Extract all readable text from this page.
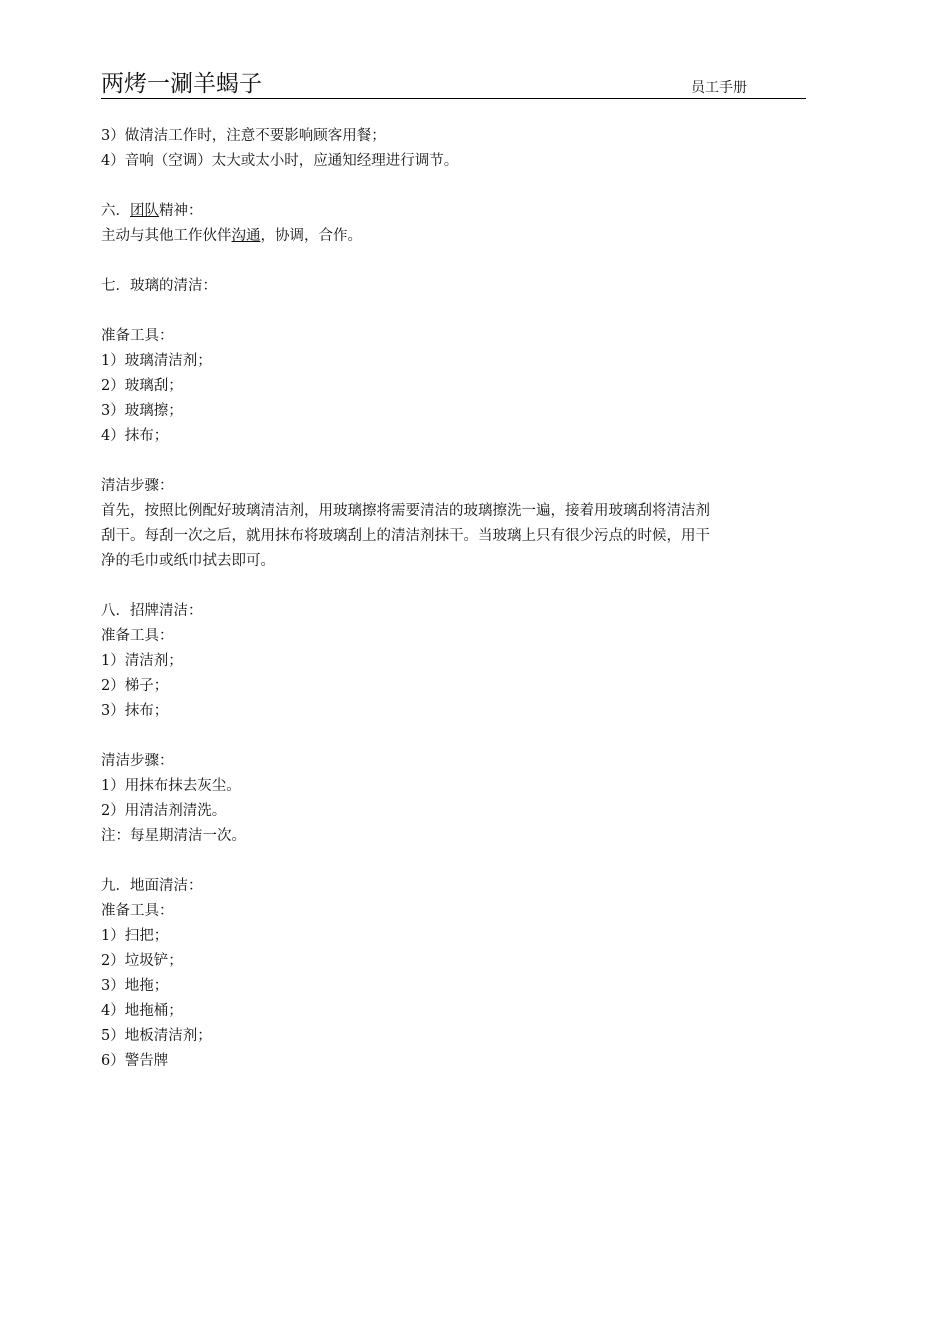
两烤一涮羊蝎子	员工手册
3）做清洁工作时，注意不要影响顾客用餐；
4）音响（空调）太大或太小时，应通知经理进行调节。
六．团队精神：
主动与其他工作伙伴沟通，协调，合作。
七．玻璃的清洁：
准备工具：
1）玻璃清洁剂；
2）玻璃刮；
3）玻璃擦；
4）抹布；
清洁步骤：
首先，按照比例配好玻璃清洁剂，用玻璃擦将需要清洁的玻璃擦洗一遍，接着用玻璃刮将清洁剂
刮干。每刮一次之后，就用抹布将玻璃刮上的清洁剂抹干。当玻璃上只有很少污点的时候，用干
净的毛巾或纸巾拭去即可。
八．招牌清洁：
准备工具：
1）清洁剂；
2）梯子；
3）抹布；
清洁步骤：
1）用抹布抹去灰尘。
2）用清洁剂清洗。
注：每星期清洁一次。
九．地面清洁：
准备工具：
1）扫把；
2）垃圾铲；
3）地拖；
4）地拖桶；
5）地板清洁剂；
6）警告牌
